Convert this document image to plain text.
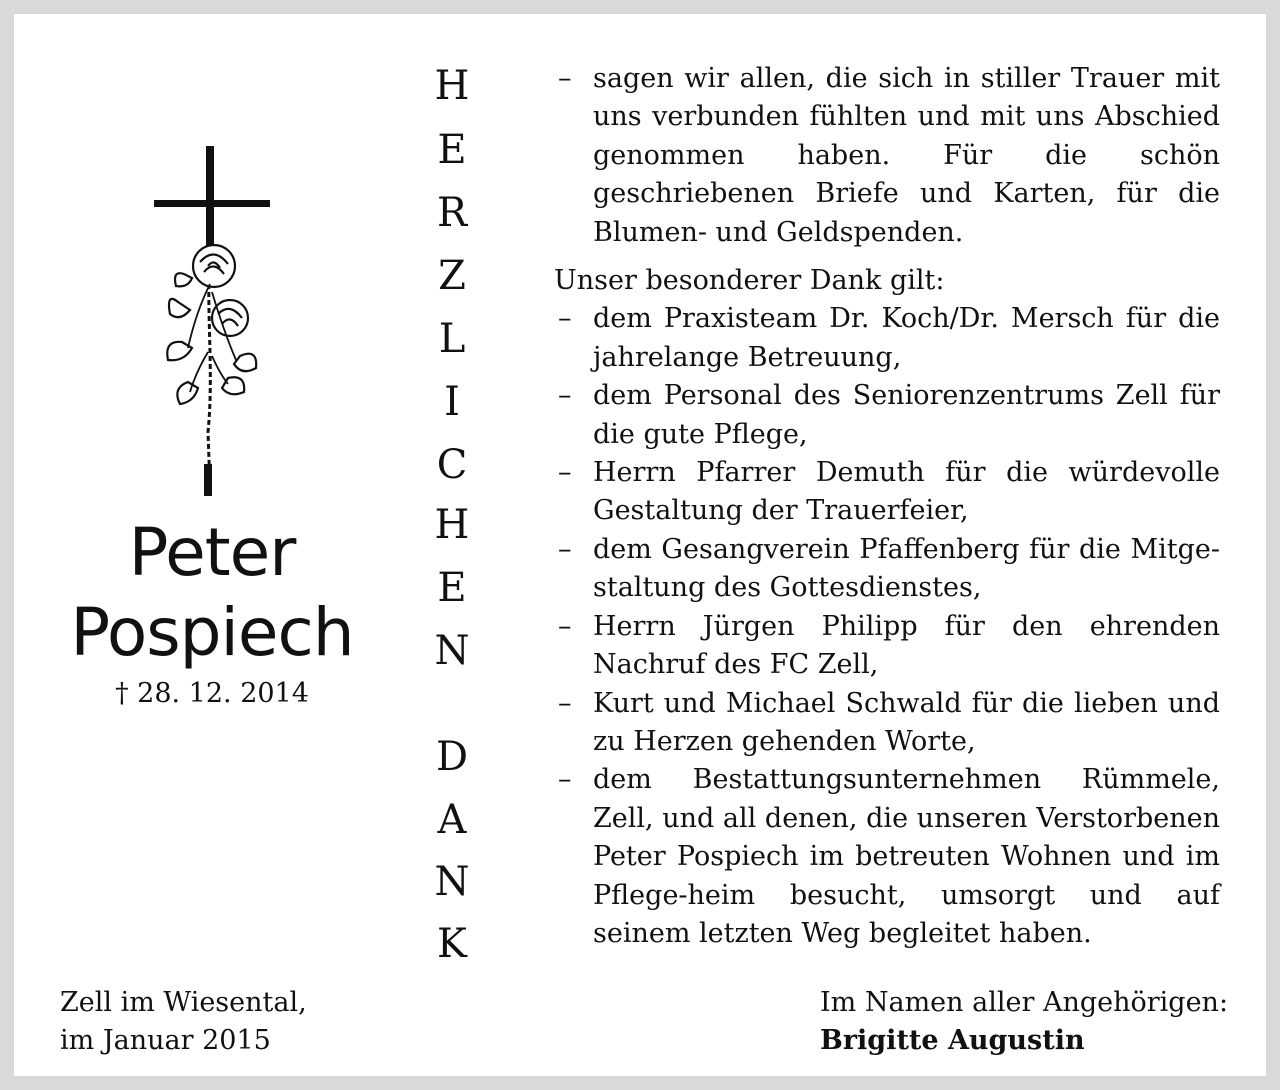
Peter
Pospiech
† 28. 12. 2014
H
E
R
Z
L
I
C
H
E
N
D
A
N
K
– sagen wir allen, die sich in stiller Trauer mit uns verbunden fühlten und mit uns Abschied genommen haben. Für die schön geschriebenen Briefe und Karten, für die Blumen- und Geldspenden.
Unser besonderer Dank gilt:
– dem Praxisteam Dr. Koch/Dr. Mersch für die jahrelange Betreuung,
– dem Personal des Seniorenzentrums Zell für die gute Pflege,
– Herrn Pfarrer Demuth für die würdevolle Gestaltung der Trauerfeier,
– dem Gesangverein Pfaffenberg für die Mitge-staltung des Gottesdienstes,
– Herrn Jürgen Philipp für den ehrenden Nachruf des FC Zell,
– Kurt und Michael Schwald für die lieben und zu Herzen gehenden Worte,
– dem Bestattungsunternehmen Rümmele, Zell, und all denen, die unseren Verstorbenen Peter Pospiech im betreuten Wohnen und im Pflege-heim besucht, umsorgt und auf seinem letzten Weg begleitet haben.
Zell im Wiesental,
im Januar 2015
Im Namen aller Angehörigen:
Brigitte Augustin
